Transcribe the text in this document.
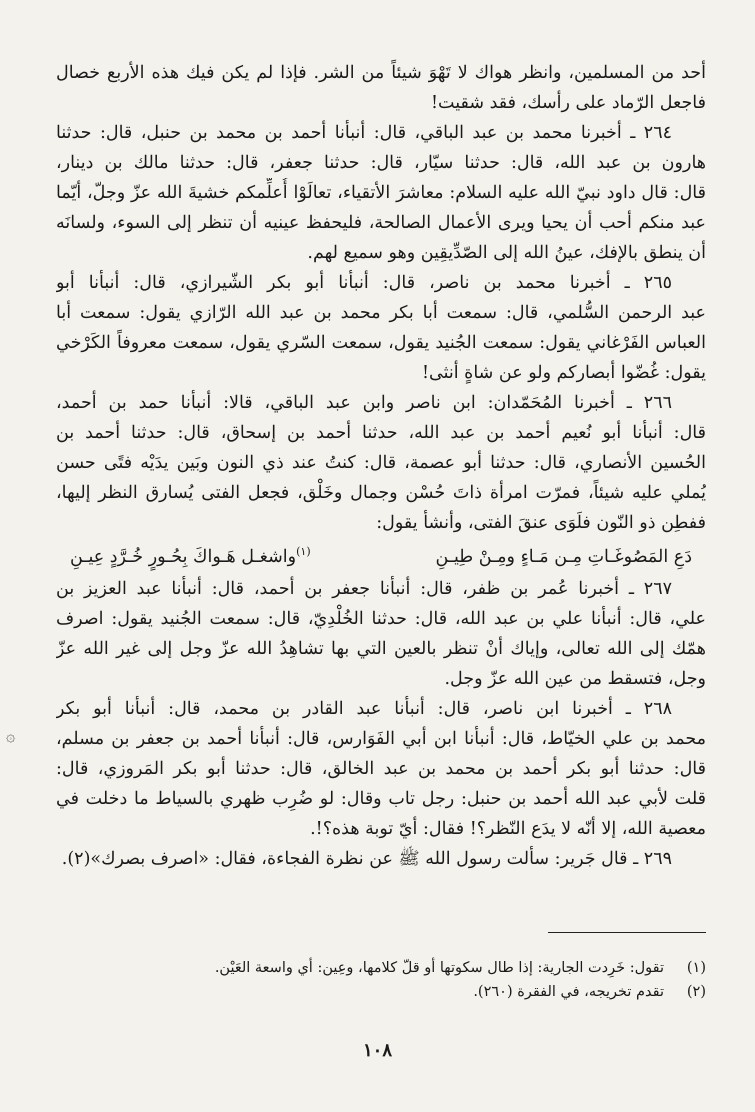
أحد من المسلمين، وانظر هواك لا تَهْوَ شيئاً من الشر. فإذا لم يكن فيك هذه الأربع خصال
فاجعل الرّماد على رأسك، فقد شقيت!
٢٦٤ ـ أخبرنا محمد بن عبد الباقي، قال: أنبأنا أحمد بن محمد بن حنبل، قال: حدثنا
هارون بن عبد الله، قال: حدثنا سيّار، قال: حدثنا جعفر، قال: حدثنا مالك بن دينار،
قال: قال داود نبيّ الله عليه السلام: معاشرَ الأتقياء، تعالَوْا أُعلِّمكم خشيةَ الله عزّ وجلّ، أيّما
عبد منكم أحب أن يحيا ويرى الأعمال الصالحة، فليحفظ عينيه أن تنظر إلى السوء، ولسانَه
أن ينطق بالإفك، عينُ الله إلى الصّدِّيقِين وهو سميع لهم.
٢٦٥ ـ أخبرنا محمد بن ناصر، قال: أنبأنا أبو بكر الشّيرازي، قال: أنبأنا أبو
عبد الرحمن السُّلمي، قال: سمعت أبا بكر محمد بن عبد الله الرّازي يقول: سمعت أبا
العباس الفَرْغاني يقول: سمعت الجُنيد يقول، سمعت السّري يقول، سمعت معروفاً الكَرْخي
يقول: غُضّوا أبصاركم ولو عن شاةٍ أنثى!
٢٦٦ ـ أخبرنا المُحَمّدان: ابن ناصر وابن عبد الباقي، قالا: أنبأنا حمد بن أحمد،
قال: أنبأنا أبو نُعيم أحمد بن عبد الله، حدثنا أحمد بن إسحاق، قال: حدثنا أحمد بن
الحُسين الأنصاري، قال: حدثنا أبو عصمة، قال: كنتُ عند ذي النون وبَين يدَيْه فتًى حسن
يُملي عليه شيئاً، فمرّت امرأة ذاتَ حُسْن وجمال وخَلْق، فجعل الفتى يُسارق النظر إليها،
ففطِن ذو النّون فلَوَى عنقَ الفتى، وأنشأ يقول:
دَعِ المَصُوغَـاتِ مِـن مَـاءٍ ومِـنْ طِيـنِ
$^{(١)}$واشغـل هَـواكَ بِحُـورٍ خُـرَّدٍ عِيـنِ
٢٦٧ ـ أخبرنا عُمر بن ظفر، قال: أنبأنا جعفر بن أحمد، قال: أنبأنا عبد العزيز بن
علي، قال: أنبأنا علي بن عبد الله، قال: حدثنا الخُلْدِيّ، قال: سمعت الجُنيد يقول: اصرف
همّك إلى الله تعالى، وإياك أنْ تنظر بالعين التي بها تشاهِدُ الله عزّ وجل إلى غير الله عزّ
وجل، فتسقط من عين الله عزّ وجل.
٢٦٨ ـ أخبرنا ابن ناصر، قال: أنبأنا عبد القادر بن محمد، قال: أنبأنا أبو بكر
محمد بن علي الخيّاط، قال: أنبأنا ابن أبي الفَوَارس، قال: أنبأنا أحمد بن جعفر بن مسلم،
قال: حدثنا أبو بكر أحمد بن محمد بن عبد الخالق، قال: حدثنا أبو بكر المَروزي، قال:
قلت لأبي عبد الله أحمد بن حنبل: رجل تاب وقال: لو ضُرِب ظهري بالسياط ما دخلت في
معصية الله، إلا أنّه لا يدَع النّظر؟! فقال: أيّ توبة هذه؟!.
٢٦٩ ـ قال جَرير: سألت رسول الله ﷺ عن نظرة الفجاءة، فقال: «اصرف بصرك»(٢).
۞
(١)
تقول: خَرِدت الجارية: إذا طال سكوتها أو قلّ كلامها، وعِين: أي واسعة العَيْن.
(٢)
تقدم تخريجه، في الفقرة (٢٦٠).
١٠٨
